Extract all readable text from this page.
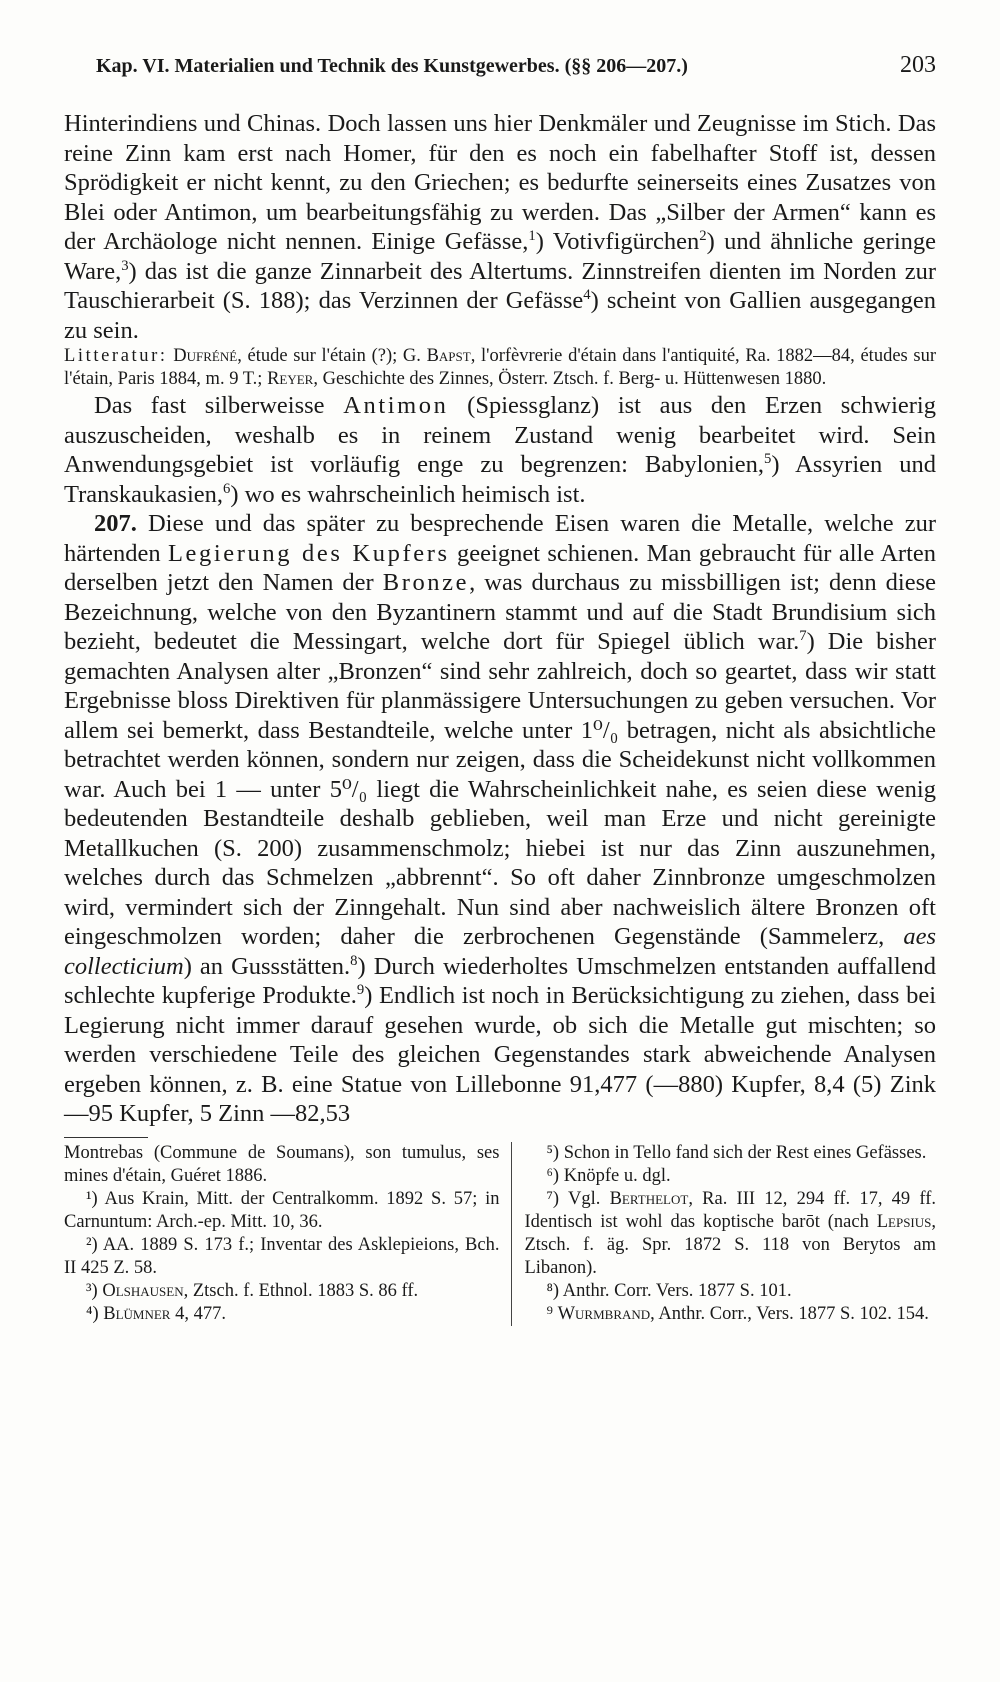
Kap. VI. Materialien und Technik des Kunstgewerbes. (§§ 206—207.)	203

Hinterindiens und Chinas. Doch lassen uns hier Denkmäler und Zeugnisse im Stich. Das reine Zinn kam erst nach Homer, für den es noch ein fabelhafter Stoff ist, dessen Sprödigkeit er nicht kennt, zu den Griechen; es bedurfte seinerseits eines Zusatzes von Blei oder Antimon, um bearbeitungsfähig zu werden. Das „Silber der Armen“ kann es der Archäologe nicht nennen. Einige Gefässe,$^1$) Votivfigürchen$^2$) und ähnliche geringe Ware,$^3$) das ist die ganze Zinnarbeit des Altertums. Zinnstreifen dienten im Norden zur Tauschierarbeit (S. 188); das Verzinnen der Gefässe$^4$) scheint von Gallien ausgegangen zu sein.

Litteratur: Dufréné, étude sur l'étain (?); G. Bapst, l'orfèvrerie d'étain dans l'antiquité, Ra. 1882—84, études sur l'étain, Paris 1884, m. 9 T.; Reyer, Geschichte des Zinnes, Österr. Ztsch. f. Berg- u. Hüttenwesen 1880.

Das fast silberweisse Antimon (Spiessglanz) ist aus den Erzen schwierig auszuscheiden, weshalb es in reinem Zustand wenig bearbeitet wird. Sein Anwendungsgebiet ist vorläufig enge zu begrenzen: Babylonien,$^5$) Assyrien und Transkaukasien,$^6$) wo es wahrscheinlich heimisch ist.

207. Diese und das später zu besprechende Eisen waren die Metalle, welche zur härtenden Legierung des Kupfers geeignet schienen. Man gebraucht für alle Arten derselben jetzt den Namen der Bronze, was durchaus zu missbilligen ist; denn diese Bezeichnung, welche von den Byzantinern stammt und auf die Stadt Brundisium sich bezieht, bedeutet die Messingart, welche dort für Spiegel üblich war.$^7$) Die bisher gemachten Analysen alter „Bronzen“ sind sehr zahlreich, doch so geartet, dass wir statt Ergebnisse bloss Direktiven für planmässigere Untersuchungen zu geben versuchen. Vor allem sei bemerkt, dass Bestandteile, welche unter 1⁰/₀ betragen, nicht als absichtliche betrachtet werden können, sondern nur zeigen, dass die Scheidekunst nicht vollkommen war. Auch bei 1 — unter 5⁰/₀ liegt die Wahrscheinlichkeit nahe, es seien diese wenig bedeutenden Bestandteile deshalb geblieben, weil man Erze und nicht gereinigte Metallkuchen (S. 200) zusammenschmolz; hiebei ist nur das Zinn auszunehmen, welches durch das Schmelzen „abbrennt“. So oft daher Zinnbronze umgeschmolzen wird, vermindert sich der Zinngehalt. Nun sind aber nachweislich ältere Bronzen oft eingeschmolzen worden; daher die zerbrochenen Gegenstände (Sammelerz, aes collecticium) an Gussstätten.$^8$) Durch wiederholtes Umschmelzen entstanden auffallend schlechte kupferige Produkte.$^9$) Endlich ist noch in Berücksichtigung zu ziehen, dass bei Legierung nicht immer darauf gesehen wurde, ob sich die Metalle gut mischten; so werden verschiedene Teile des gleichen Gegenstandes stark abweichende Analysen ergeben können, z. B. eine Statue von Lillebonne 91,477 (—880) Kupfer, 8,4 (5) Zink —95 Kupfer, 5 Zinn —82,53

Montrebas (Commune de Soumans), son tumulus, ses mines d'étain, Guéret 1886.

¹) Aus Krain, Mitt. der Centralkomm. 1892 S. 57; in Carnuntum: Arch.-ep. Mitt. 10, 36.

²) AA. 1889 S. 173 f.; Inventar des Asklepieions, Bch. II 425 Z. 58.

³) Olshausen, Ztsch. f. Ethnol. 1883 S. 86 ff.

⁴) Blümner 4, 477.

⁵) Schon in Tello fand sich der Rest eines Gefässes.

⁶) Knöpfe u. dgl.

⁷) Vgl. Berthelot, Ra. III 12, 294 ff. 17, 49 ff. Identisch ist wohl das koptische barōt (nach Lepsius, Ztsch. f. äg. Spr. 1872 S. 118 von Berytos am Libanon).

⁸) Anthr. Corr. Vers. 1877 S. 101.

⁹ Wurmbrand, Anthr. Corr., Vers. 1877 S. 102. 154.
